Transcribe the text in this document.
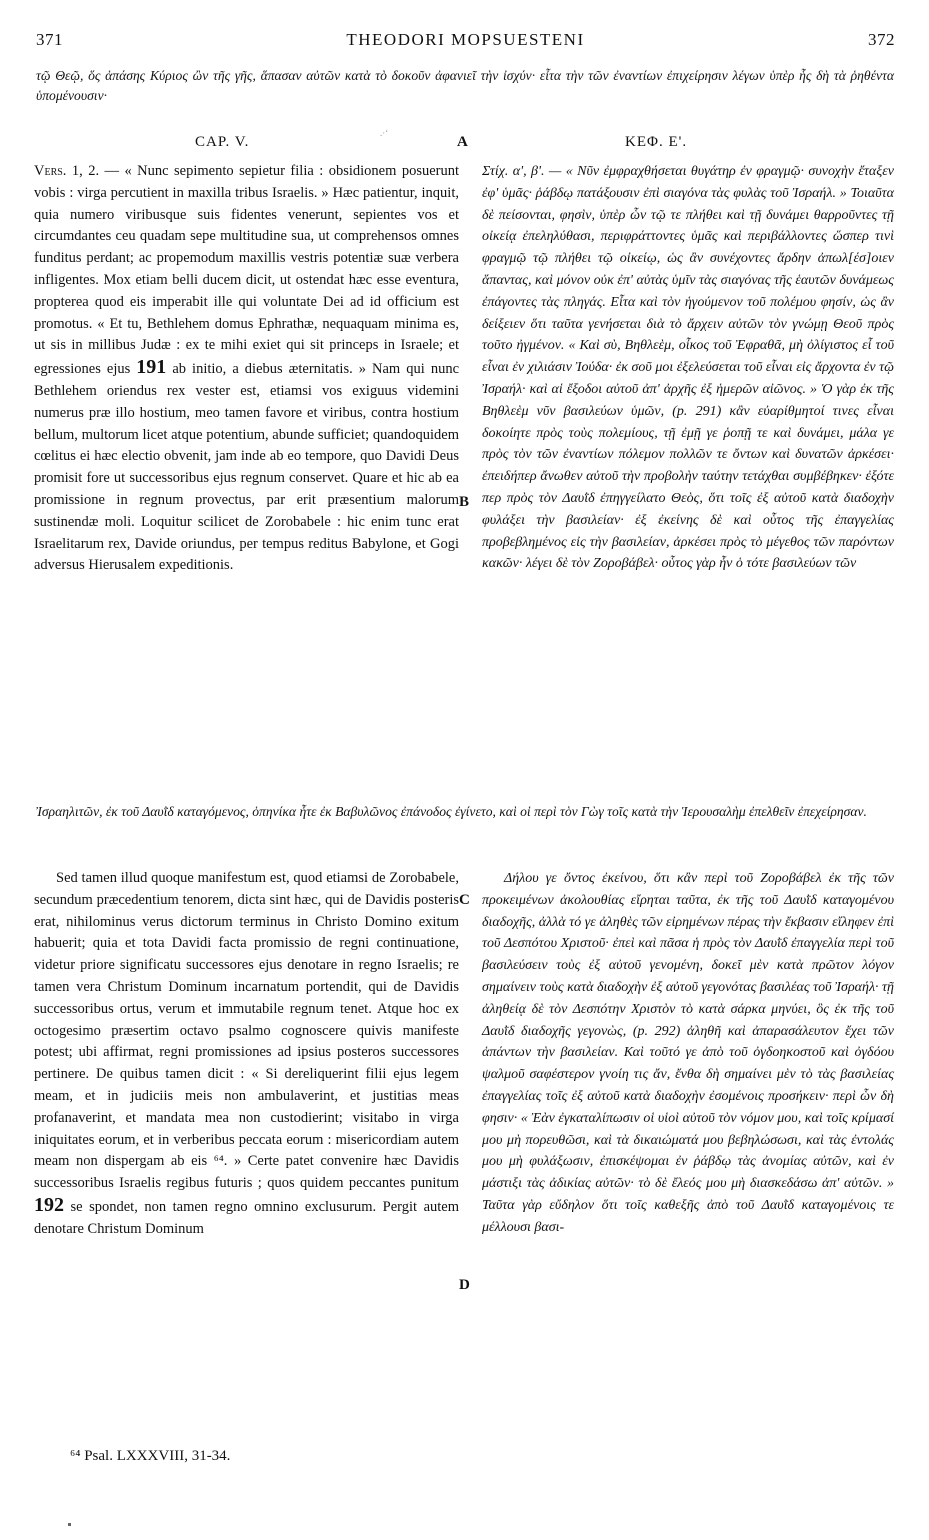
371	THEODORI MOPSUESTENI	372
τῷ Θεῷ, ὅς ἁπάσης Κύριος ὢν τῆς γῆς, ἅπασαν αὐτῶν κατὰ τὸ δοκοῦν ἀφανιεῖ τὴν ἰσχύν· εἶτα τὴν τῶν ἐναντίων ἐπιχείρησιν λέγων ὑπὲρ ἧς δὴ τὰ ῥηθέντα ὑπομένουσιν·
.·ʻ
CAP. V.	A	ΚΕΦ. Ε'.

Vers. 1, 2. — « Nunc sepimento sepietur filia : obsidionem posuerunt vobis : virga percutient in maxilla tribus Israelis. » Hæc patientur, inquit, quia numero viribusque suis fidentes venerunt, sepientes vos et circumdantes ceu quadam sepe multitudine sua, ut comprehensos omnes funditus perdant; ac propemodum maxillis vestris potentiæ suæ verbera infligentes. Mox etiam belli ducem dicit, ut ostendat hæc esse eventura, propterea quod eis imperabit ille qui voluntate Dei ad id officium est promotus. « Et tu, Bethlehem domus Ephrathæ, nequaquam minima es, ut sis in millibus Judæ : ex te mihi exiet qui sit princeps in Israele; et egressiones ejus 191 ab initio, a diebus æternitatis. » Nam qui nunc Bethlehem oriendus rex vester est, etiamsi vos exiguus videmini numerus præ illo hostium, meo tamen favore et viribus, contra hostium bellum, multorum licet atque potentium, abunde sufficiet; quandoquidem cœlitus ei hæc electio obvenit, jam inde ab eo tempore, quo Davidi Deus promisit fore ut successoribus ejus regnum conservet. Quare et hic ab ea promissione in regnum provectus, par erit præsentium malorum sustinendæ moli. Loquitur scilicet de Zorobabele : hic enim tunc erat Israelitarum rex, Davide oriundus, per tempus reditus Babylone, et Gogi adversus Hierusalem expeditionis.

B

Στίχ. α', β'. — « Νῦν ἐμφραχθήσεται θυγάτηρ ἐν φραγμῷ· συνοχὴν ἔταξεν ἐφ' ὑμᾶς· ῥάβδῳ πατάξουσιν ἐπὶ σιαγόνα τὰς φυλὰς τοῦ Ἰσραήλ. » Τοιαῦτα δὲ πείσονται, φησὶν, ὑπὲρ ὧν τῷ τε πλήθει καὶ τῇ δυνάμει θαρροῦντες τῇ οἰκείᾳ ἐπεληλύθασι, περιφράττοντες ὑμᾶς καὶ περιβάλλοντες ὥσπερ τινὶ φραγμῷ τῷ πλήθει τῷ οἰκείῳ, ὡς ἂν συνέχοντες ἄρδην ἀπωλ[έσ]οιεν ἅπαντας, καὶ μόνον οὐκ ἐπ' αὐτὰς ὑμῖν τὰς σιαγόνας τῆς ἑαυτῶν δυνάμεως ἐπάγοντες τὰς πληγάς. Εἶτα καὶ τὸν ἡγούμενον τοῦ πολέμου φησίν, ὡς ἂν δείξειεν ὅτι ταῦτα γενήσεται διὰ τὸ ἄρχειν αὐτῶν τὸν γνώμῃ Θεοῦ πρὸς τοῦτο ἠγμένον. « Καὶ σὺ, Βηθλεὲμ, οἶκος τοῦ Ἐφραθᾶ, μὴ ὀλίγιστος εἶ τοῦ εἶναι ἐν χιλιάσιν Ἰούδα· ἐκ σοῦ μοι ἐξελεύσεται τοῦ εἶναι εἰς ἄρχοντα ἐν τῷ Ἰσραήλ· καὶ αἱ ἔξοδοι αὐτοῦ ἀπ' ἀρχῆς ἐξ ἡμερῶν αἰῶνος. » Ὁ γὰρ ἐκ τῆς Βηθλεὲμ νῦν βασιλεύων ὑμῶν, (p. 291) κἂν εὐαρίθμητοί τινες εἶναι δοκοίητε πρὸς τοὺς πολεμίους, τῇ ἐμῇ γε ῥοπῇ τε καὶ δυνάμει, μάλα γε πρὸς τὸν τῶν ἐναντίων πόλεμον πολλῶν τε ὄντων καὶ δυνατῶν ἀρκέσει· ἐπειδήπερ ἄνωθεν αὐτοῦ τὴν προβολὴν ταύτην τετάχθαι συμβέβηκεν· ἐξότε περ πρὸς τὸν Δαυῒδ ἐπηγγείλατο Θεὸς, ὅτι τοῖς ἐξ αὐτοῦ κατὰ διαδοχὴν φυλάξει τὴν βασιλείαν· ἐξ ἐκείνης δὲ καὶ οὗτος τῆς ἐπαγγελίας προβεβλημένος εἰς τὴν βασιλείαν, ἀρκέσει πρὸς τὸ μέγεθος τῶν παρόντων κακῶν· λέγει δὲ τὸν Ζοροβάβελ· οὗτος γὰρ ἦν ὁ τότε βασιλεύων τῶν

Ἰσραηλιτῶν, ἐκ τοῦ Δαυῒδ καταγόμενος, ὁπηνίκα ἦτε ἐκ Βαβυλῶνος ἐπάνοδος ἐγίνετο, καὶ οἱ περὶ τὸν Γὼγ τοῖς κατὰ τὴν Ἱερουσαλὴμ ἐπελθεῖν ἐπεχείρησαν.

Sed tamen illud quoque manifestum est, quod etiamsi de Zorobabele, secundum præcedentium tenorem, dicta sint hæc, qui de Davidis posteris erat, nihilominus verus dictorum terminus in Christo Domino exitum habuerit; quia et tota Davidi facta promissio de regni continuatione, videtur priore significatu successores ejus denotare in regno Israelis; re tamen vera Christum Dominum incarnatum portendit, qui de Davidis successoribus ortus, verum et immutabile regnum tenet. Atque hoc ex octogesimo præsertim octavo psalmo cognoscere quivis manifeste potest; ubi affirmat, regni promissiones ad ipsius posteros successores pertinere. De quibus tamen dicit : « Si dereliquerint filii ejus legem meam, et in judiciis meis non ambulaverint, et justitias meas profanaverint, et mandata mea non custodierint; visitabo in virga iniquitates eorum, et in verberibus peccata eorum : misericordiam autem meam non dispergam ab eis ⁶⁴. » Certe patet convenire hæc Davidis successoribus Israelis regibus futuris ; quos quidem peccantes punitum 192 se spondet, non tamen regno omnino exclusurum. Pergit autem denotare Christum Dominum

C
D

Δήλου γε ὄντος ἐκείνου, ὅτι κἂν περὶ τοῦ Ζοροβάβελ ἐκ τῆς τῶν προκειμένων ἀκολουθίας εἴρηται ταῦτα, ἐκ τῆς τοῦ Δαυῒδ καταγομένου διαδοχῆς, ἀλλὰ τό γε ἀληθὲς τῶν εἰρημένων πέρας τὴν ἔκβασιν εἴληφεν ἐπὶ τοῦ Δεσπότου Χριστοῦ· ἐπεὶ καὶ πᾶσα ἡ πρὸς τὸν Δαυῒδ ἐπαγγελία περὶ τοῦ βασιλεύσειν τοὺς ἐξ αὐτοῦ γενομένη, δοκεῖ μὲν κατὰ πρῶτον λόγον σημαίνειν τοὺς κατὰ διαδοχὴν ἐξ αὐτοῦ γεγονότας βασιλέας τοῦ Ἰσραήλ· τῇ ἀληθείᾳ δὲ τὸν Δεσπότην Χριστὸν τὸ κατὰ σάρκα μηνύει, ὃς ἐκ τῆς τοῦ Δαυῒδ διαδοχῆς γεγονὼς, (p. 292) ἀληθῆ καὶ ἀπαρασάλευτον ἔχει τῶν ἁπάντων τὴν βασιλείαν. Καὶ τοῦτό γε ἀπὸ τοῦ ὀγδοηκοστοῦ καὶ ὀγδόου ψαλμοῦ σαφέστερον γνοίη τις ἄν, ἔνθα δὴ σημαίνει μὲν τὸ τὰς βασιλείας ἐπαγγελίας τοῖς ἐξ αὐτοῦ κατὰ διαδοχὴν ἐσομένοις προσήκειν· περὶ ὧν δὴ φησιν· « Ἐὰν ἐγκαταλίπωσιν οἱ υἱοὶ αὐτοῦ τὸν νόμον μου, καὶ τοῖς κρίμασί μου μὴ πορευθῶσι, καὶ τὰ δικαιώματά μου βεβηλώσωσι, καὶ τὰς ἐντολάς μου μὴ φυλάξωσιν, ἐπισκέψομαι ἐν ῥάβδῳ τὰς ἀνομίας αὐτῶν, καὶ ἐν μάστιξι τὰς ἀδικίας αὐτῶν· τὸ δὲ ἔλεός μου μὴ διασκεδάσω ἀπ' αὐτῶν. » Ταῦτα γὰρ εὔδηλον ὅτι τοῖς καθεξῆς ἀπὸ τοῦ Δαυῒδ καταγομένοις τε μέλλουσι βασι-

⁶⁴ Psal. LXXXVIII, 31-34.
